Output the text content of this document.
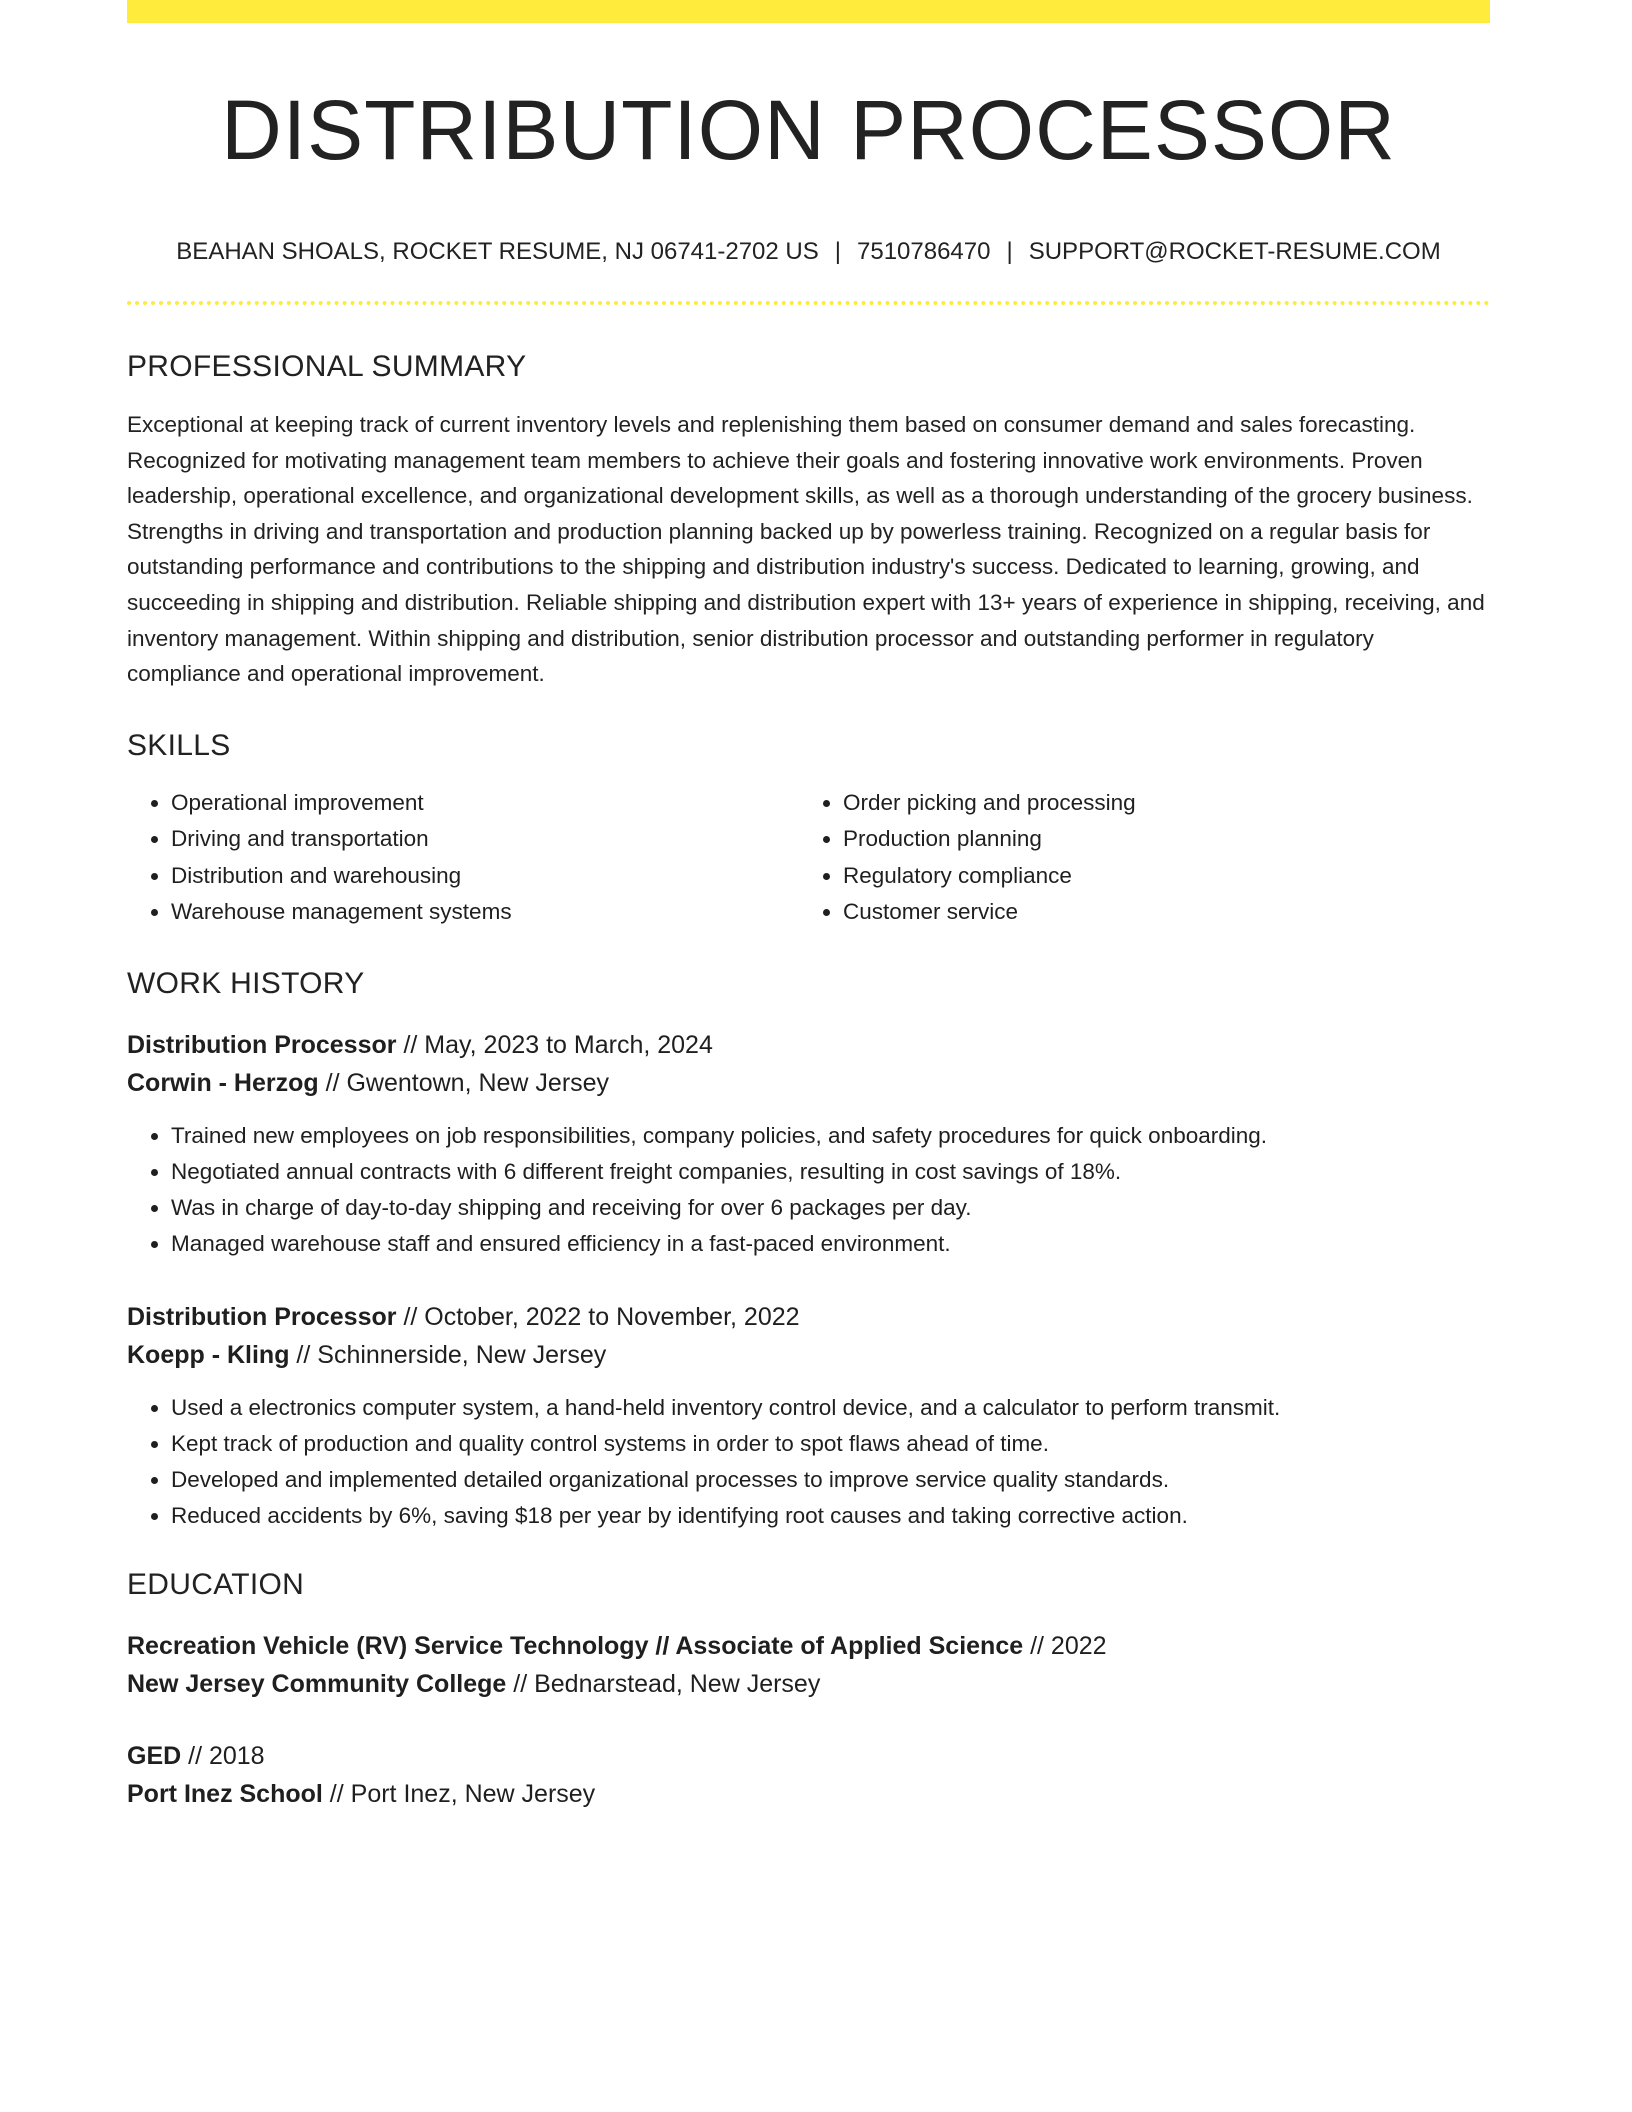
DISTRIBUTION PROCESSOR
BEAHAN SHOALS, ROCKET RESUME, NJ 06741-2702 US | 7510786470 | SUPPORT@ROCKET-RESUME.COM
PROFESSIONAL SUMMARY
Exceptional at keeping track of current inventory levels and replenishing them based on consumer demand and sales forecasting. Recognized for motivating management team members to achieve their goals and fostering innovative work environments. Proven leadership, operational excellence, and organizational development skills, as well as a thorough understanding of the grocery business. Strengths in driving and transportation and production planning backed up by powerless training. Recognized on a regular basis for outstanding performance and contributions to the shipping and distribution industry's success. Dedicated to learning, growing, and succeeding in shipping and distribution. Reliable shipping and distribution expert with 13+ years of experience in shipping, receiving, and inventory management. Within shipping and distribution, senior distribution processor and outstanding performer in regulatory compliance and operational improvement.
SKILLS
• Operational improvement
• Driving and transportation
• Distribution and warehousing
• Warehouse management systems
• Order picking and processing
• Production planning
• Regulatory compliance
• Customer service
WORK HISTORY
Distribution Processor // May, 2023 to March, 2024
Corwin - Herzog // Gwentown, New Jersey
• Trained new employees on job responsibilities, company policies, and safety procedures for quick onboarding.
• Negotiated annual contracts with 6 different freight companies, resulting in cost savings of 18%.
• Was in charge of day-to-day shipping and receiving for over 6 packages per day.
• Managed warehouse staff and ensured efficiency in a fast-paced environment.
Distribution Processor // October, 2022 to November, 2022
Koepp - Kling // Schinnerside, New Jersey
• Used a electronics computer system, a hand-held inventory control device, and a calculator to perform transmit.
• Kept track of production and quality control systems in order to spot flaws ahead of time.
• Developed and implemented detailed organizational processes to improve service quality standards.
• Reduced accidents by 6%, saving $18 per year by identifying root causes and taking corrective action.
EDUCATION
Recreation Vehicle (RV) Service Technology // Associate of Applied Science // 2022
New Jersey Community College // Bednarstead, New Jersey
GED // 2018
Port Inez School // Port Inez, New Jersey
